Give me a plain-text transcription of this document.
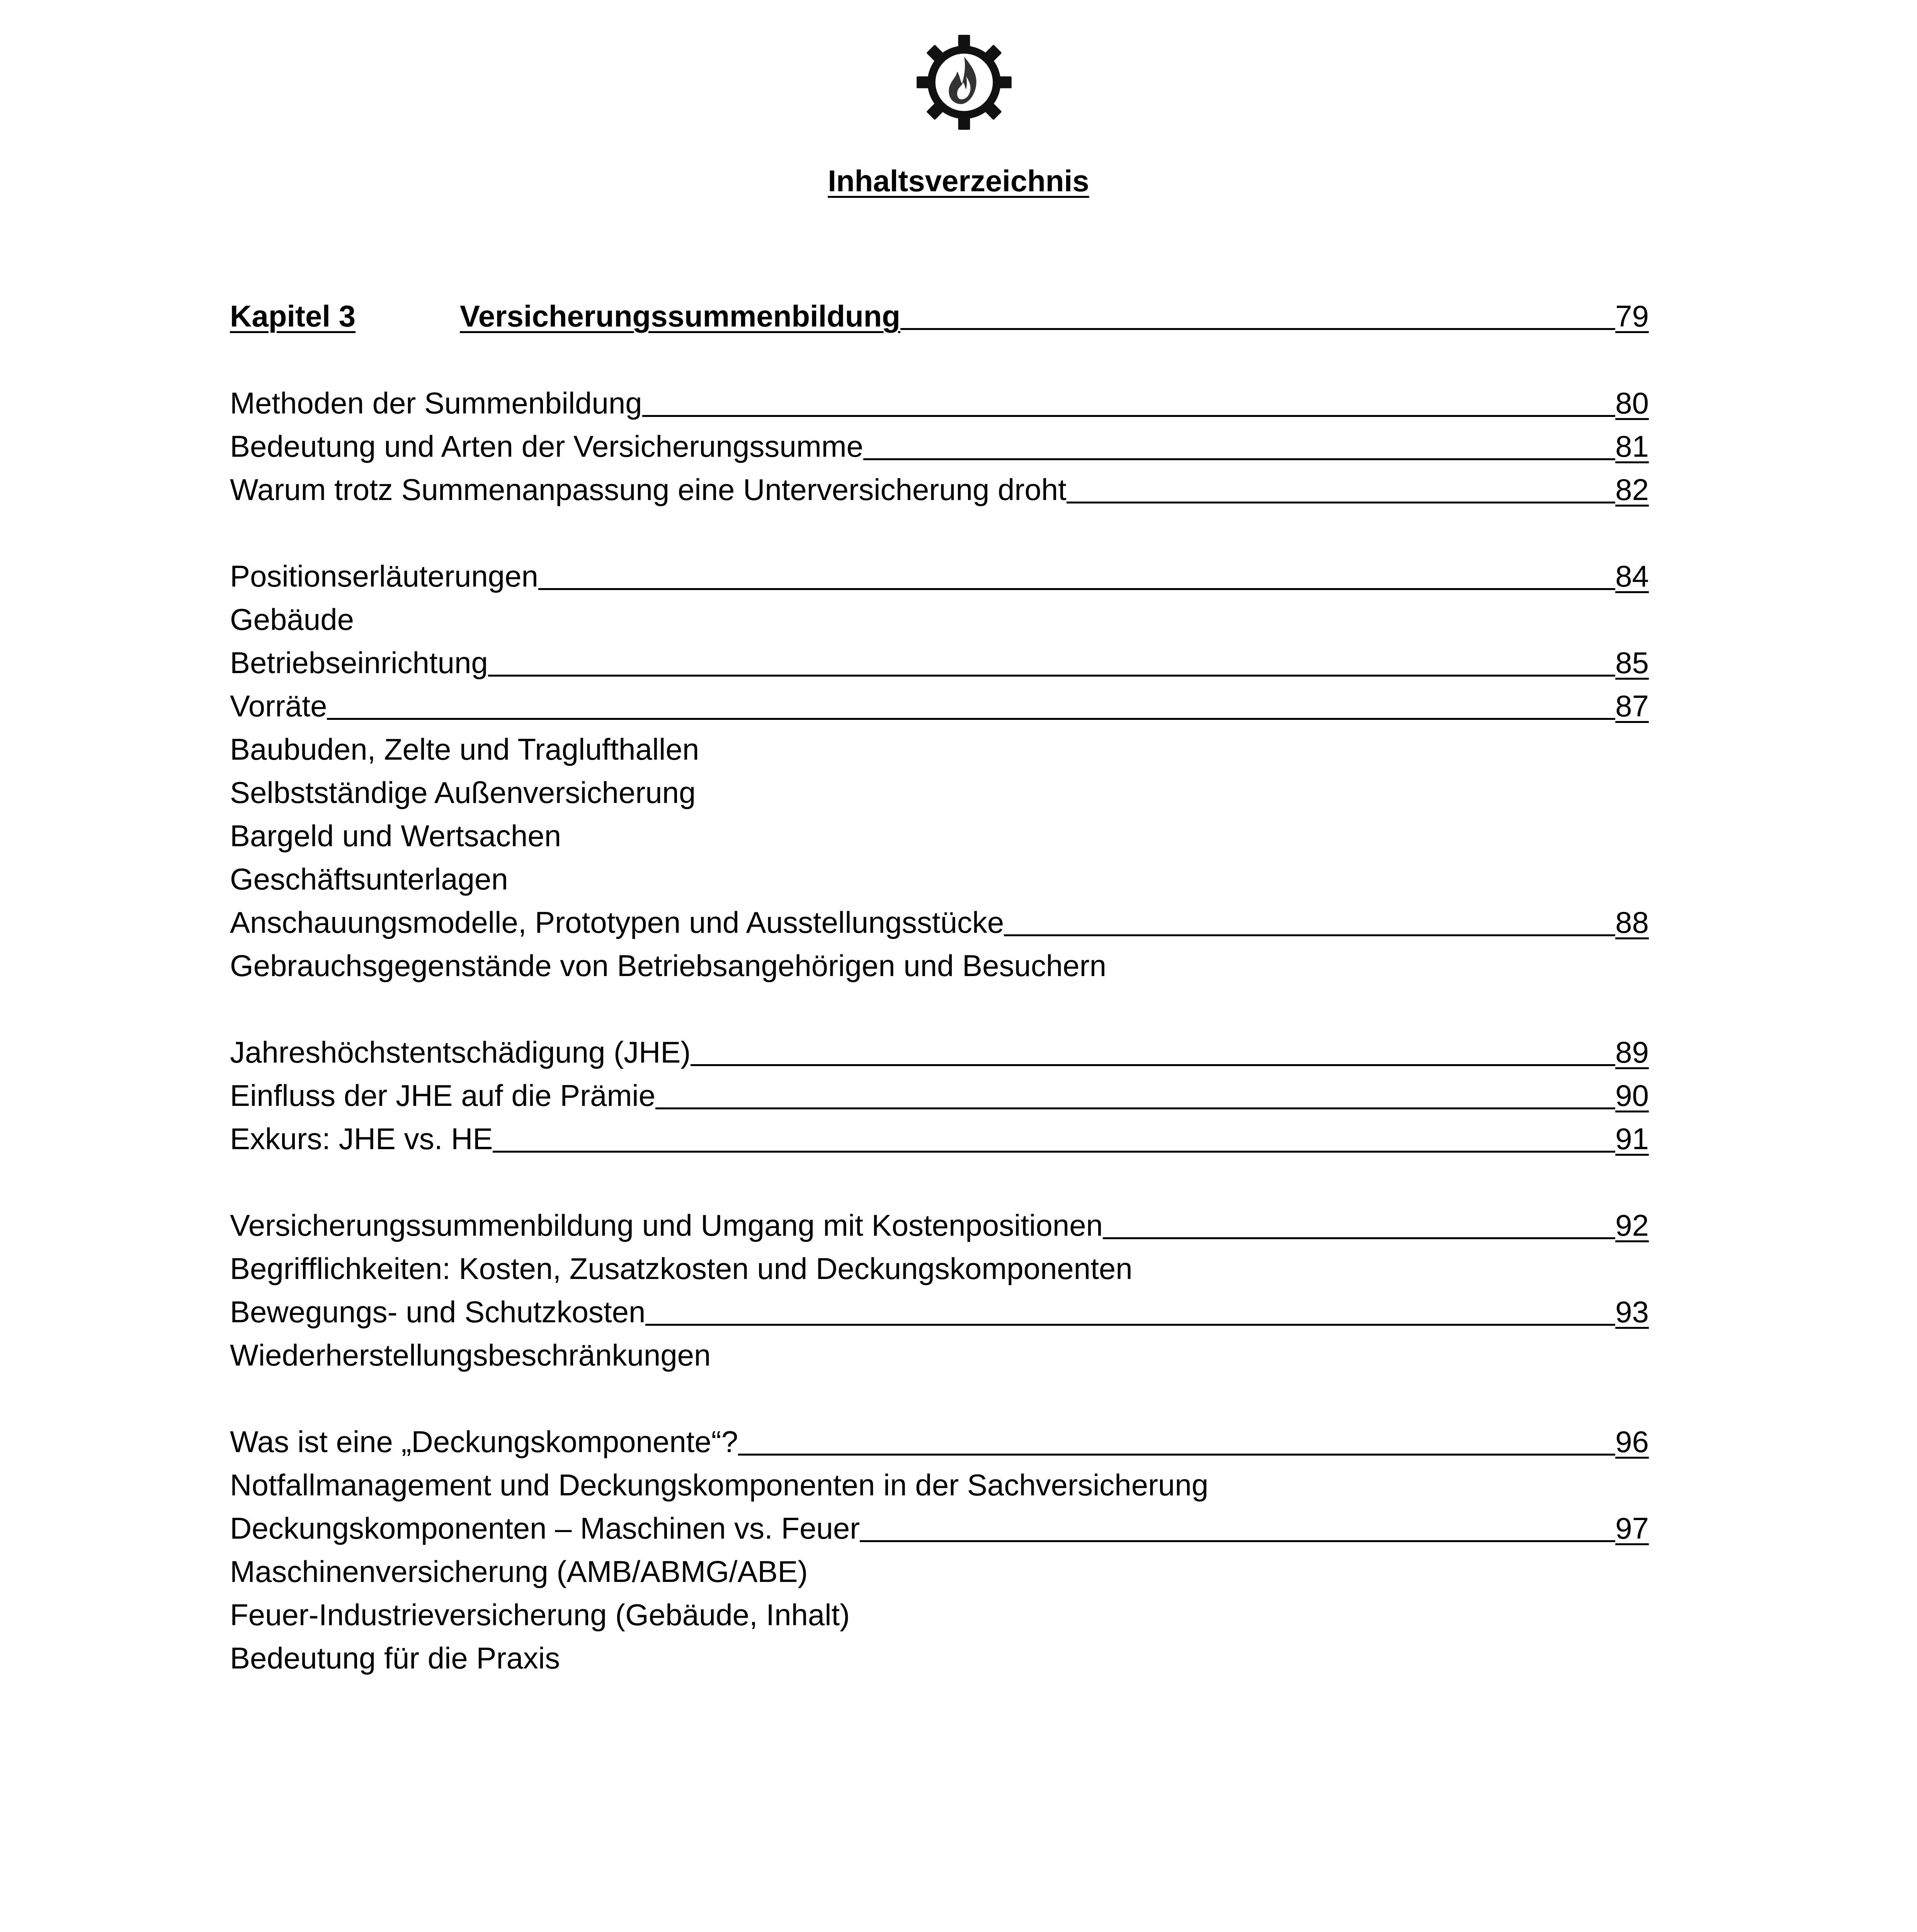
Inhaltsverzeichnis
Kapitel 3	Versicherungssummenbildung	79
Methoden der Summenbildung	80
Bedeutung und Arten der Versicherungssumme	81
Warum trotz Summenanpassung eine Unterversicherung droht	82
Positionserläuterungen	84
Gebäude
Betriebseinrichtung	85
Vorräte	87
Baubuden, Zelte und Traglufthallen
Selbstständige Außenversicherung
Bargeld und Wertsachen
Geschäftsunterlagen
Anschauungsmodelle, Prototypen und Ausstellungsstücke	88
Gebrauchsgegenstände von Betriebsangehörigen und Besuchern
Jahreshöchstentschädigung (JHE)	89
Einfluss der JHE auf die Prämie	90
Exkurs: JHE vs. HE	91
Versicherungssummenbildung und Umgang mit Kostenpositionen	92
Begrifflichkeiten: Kosten, Zusatzkosten und Deckungskomponenten
Bewegungs- und Schutzkosten	93
Wiederherstellungsbeschränkungen
Was ist eine „Deckungskomponente“?	96
Notfallmanagement und Deckungskomponenten in der Sachversicherung
Deckungskomponenten – Maschinen vs. Feuer	97
Maschinenversicherung (AMB/ABMG/ABE)
Feuer-Industrieversicherung (Gebäude, Inhalt)
Bedeutung für die Praxis
